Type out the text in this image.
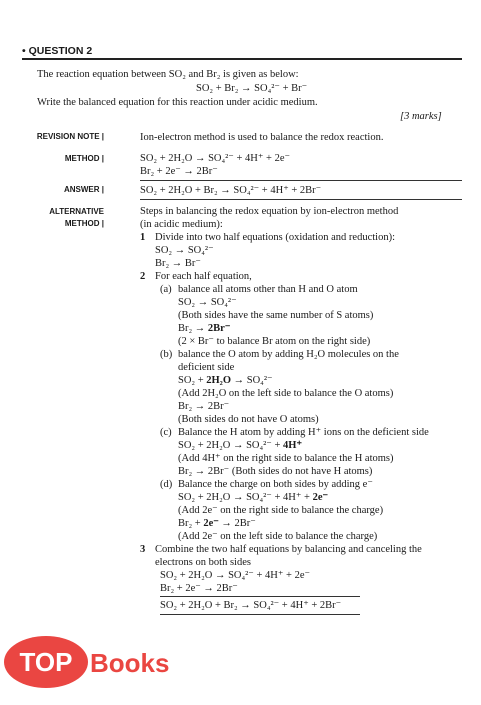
• QUESTION 2
The reaction equation between SO₂ and Br₂ is given as below:
SO₂ + Br₂ → SO₄²⁻ + Br⁻
Write the balanced equation for this reaction under acidic medium.
[3 marks]
REVISION NOTE |
METHOD |
ANSWER |
ALTERNATIVE
METHOD |
Ion-electron method is used to balance the redox reaction.
SO₂ + 2H₂O → SO₄²⁻ + 4H⁺ + 2e⁻
Br₂ + 2e⁻ → 2Br⁻
SO₂ + 2H₂O + Br₂ → SO₄²⁻ + 4H⁺ + 2Br⁻
Steps in balancing the redox equation by ion-electron method
(in acidic medium):
1 Divide into two half equations (oxidation and reduction):
SO₂ → SO₄²⁻
Br₂ → Br⁻
2 For each half equation,
(a) balance all atoms other than H and O atom
SO₂ → SO₄²⁻
(Both sides have the same number of S atoms)
Br₂ → 2Br⁻
(2 × Br⁻ to balance Br atom on the right side)
(b) balance the O atom by adding H₂O molecules on the
deficient side
SO₂ + 2H₂O → SO₄²⁻
(Add 2H₂O on the left side to balance the O atoms)
Br₂ → 2Br⁻
(Both sides do not have O atoms)
(c) Balance the H atom by adding H⁺ ions on the deficient side
SO₂ + 2H₂O → SO₄²⁻ + 4H⁺
(Add 4H⁺ on the right side to balance the H atoms)
Br₂ → 2Br⁻ (Both sides do not have H atoms)
(d) Balance the charge on both sides by adding e⁻
SO₂ + 2H₂O → SO₄²⁻ + 4H⁺ + 2e⁻
(Add 2e⁻ on the right side to balance the charge)
Br₂ + 2e⁻ → 2Br⁻
(Add 2e⁻ on the left side to balance the charge)
3 Combine the two half equations by balancing and canceling the
electrons on both sides
SO₂ + 2H₂O → SO₄²⁻ + 4H⁺ + 2e⁻
Br₂ + 2e⁻ → 2Br⁻
SO₂ + 2H₂O + Br₂ → SO₄²⁻ + 4H⁺ + 2Br⁻
TOP Books
